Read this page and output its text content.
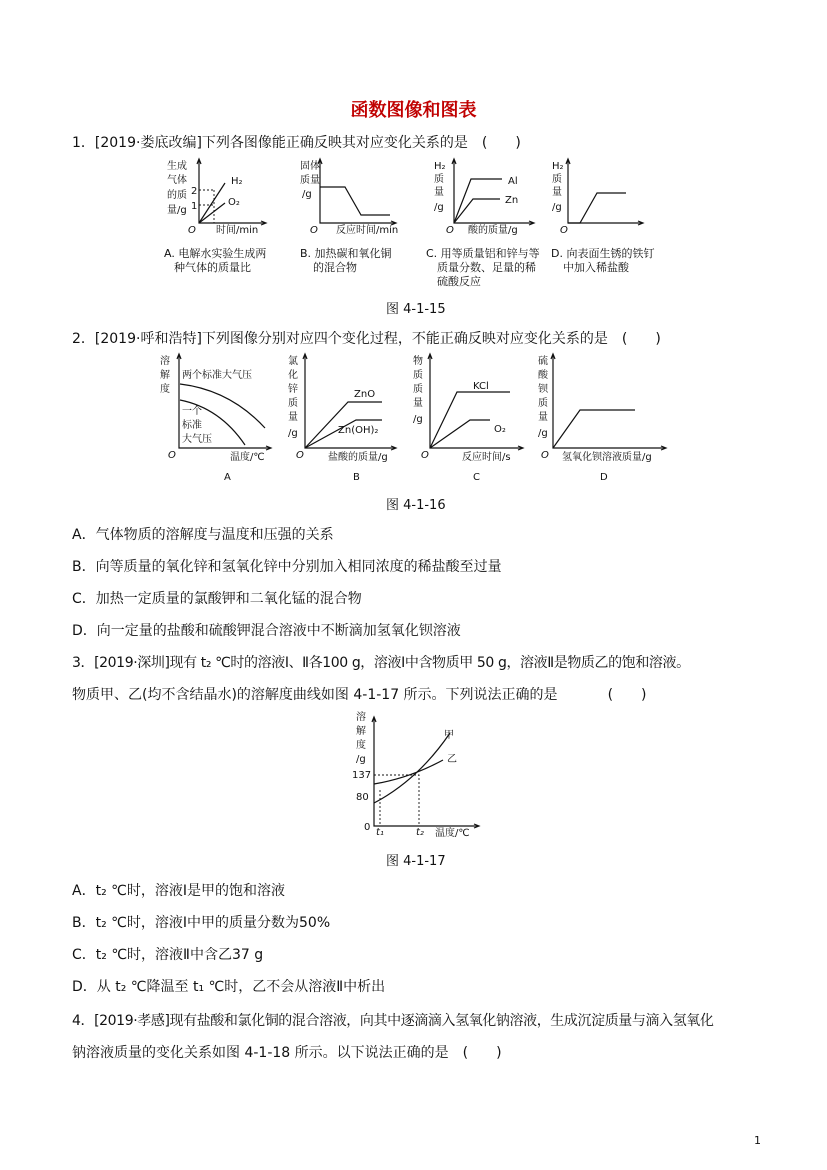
函数图像和图表
1．[2019·娄底改编]下列各图像能正确反映其对应变化关系的是 (　　)
生成
气体
的质
量/g
2
1
时间/min
H₂
O₂
O
固体
质量
/g
反应时间/min
O
H₂
质
量
/g
Al
Zn
酸的质量/g
O
H₂
质
量
/g
O
A. 电解水实验生成两
种气体的质量比
B. 加热碳和氧化铜
的混合物
C. 用等质量铝和锌与等
质量分数、足量的稀
硫酸反应
D. 向表面生锈的铁钉
中加入稀盐酸
图 4-1-15
2．[2019·呼和浩特]下列图像分别对应四个变化过程，不能正确反映对应变化关系的是 (　　)
溶
解
度
两个标准大气压
一个
标准
大气压
温度/℃
O
A
氯
化
锌
质
量
/g
ZnO
Zn(OH)₂
盐酸的质量/g
O
B
物
质
质
量
/g
KCl
O₂
反应时间/s
O
C
硫
酸
钡
质
量
/g
氢氧化钡溶液质量/g
O
D
图 4-1-16
A．气体物质的溶解度与温度和压强的关系
B．向等质量的氧化锌和氢氧化锌中分别加入相同浓度的稀盐酸至过量
C．加热一定质量的氯酸钾和二氧化锰的混合物
D．向一定量的盐酸和硫酸钾混合溶液中不断滴加氢氧化钡溶液
3．[2019·深圳]现有 t₂ ℃时的溶液Ⅰ、Ⅱ各100 g，溶液Ⅰ中含物质甲 50 g，溶液Ⅱ是物质乙的饱和溶液。
物质甲、乙(均不含结晶水)的溶解度曲线如图 4-1-17 所示。下列说法正确的是	(　　)
溶
解
度
/g
137
80
0 t₁	t₂ 温度/℃
甲
乙
图 4-1-17
A．t₂ ℃时，溶液Ⅰ是甲的饱和溶液
B．t₂ ℃时，溶液Ⅰ中甲的质量分数为50%
C．t₂ ℃时，溶液Ⅱ中含乙37 g
D．从 t₂ ℃降温至 t₁ ℃时，乙不会从溶液Ⅱ中析出
4．[2019·孝感]现有盐酸和氯化铜的混合溶液，向其中逐滴滴入氢氧化钠溶液，生成沉淀质量与滴入氢氧化
钠溶液质量的变化关系如图 4-1-18 所示。以下说法正确的是 (　　)
1
